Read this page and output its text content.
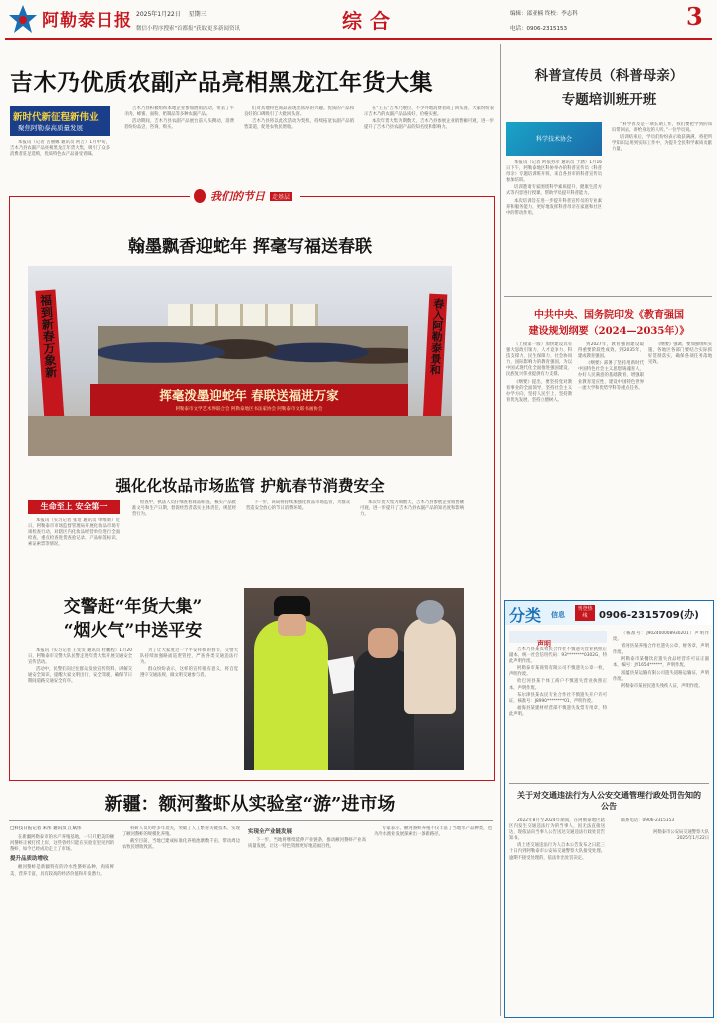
阿勒泰日报 2025年1月22日 星期三
微信小程序搜索"首都报"获取更多新闻资讯	综合	编辑：邵亚楠 终校：李志科
电话：0906-2315153	3
吉木乃优质农副产品亮相黑龙江年货大集
新时代新征程新伟业
聚焦阿勒泰高质量发展

本报讯（记者 古丽娜 通讯员 阿吉）1月中旬，吉木乃县农副产品亮相黑龙江年货大集，吸引了众多消费者驻足选购，优质特色农产品备受青睐。

吉木乃县积极组织本地企业参加展销活动，带去了牛羊肉、蜂蜜、面粉、奶制品等多种农副产品。

活动期间，吉木乃县农副产品展台前人头攒动，消费者纷纷品尝、咨询、购买。

们对具地特色商品表现出浓厚的兴趣。优质的产品和良好的口碑吸引了大批回头客。

吉木乃县将以此次活动为契机，持续拓宽农副产品销售渠道，促进农牧民增收。

在“王五”吉木乃展位，不少外地消费者成了回头客，大家纷纷表示吉木乃的农副产品品质好、价格实惠。

本次年货大集为期数天，吉木乃县参展企业销售额可观，进一步提升了吉木乃县农副产品的知名度和影响力。

我们的节日	走基层
翰墨飘香迎蛇年 挥毫写福送春联
福到新春万象新	春入阿勒泰景和
挥毫泼墨迎蛇年 春联送福进万家
阿勒泰市文学艺术界联合会 阿勒泰地区书法家协会 阿勒泰市文联书画协会
强化化妆品市场监管 护航春节消费安全
生命至上 安全第一

本报讯（实习记者 张语 通讯员 单维新）近日，阿勒泰市市场监督管理局开展化妆品市场专项检查行动，对辖区内化妆品经营单位进行全面检查，重点检查进货查验记录、产品标签标识、索证索票等情况。

检查中，执法人员仔细查看商品标签，核实产品批准文号和生产日期，督促经营者落实主体责任，规范经营行为。

下一步，该局将持续加强化妆品市场监管，为群众营造安全放心的节日消费环境。

本次年货大集为期数天，吉木乃县参展企业销售额可观，进一步提升了吉木乃县农副产品的知名度和影响力。

交警赶“年货大集”
“烟火气”中送平安

本报讯（实习记者 王雯雯 通讯员 杜鹏程）1月20日，阿勒泰市交警大队民警走进年货大集开展交通安全宣传活动。

活动中，民警们向过往群众发放宣传资料，讲解交通安全知识，提醒大家文明出行、安全驾驶，确保节日期间道路交通安全有序。

为了让大家度过一个平安祥和的春节，交警大队持续加强路面巡逻管控，严查各类交通违法行为。

群众纷纷表示，这样的宣传很有意义，将自觉遵守交通法规，做文明交通参与者。

新疆：额河螯虾从实验室“游”进市场
□科技日报记者 朱彤 通讯员 江斌伟

在新疆阿勒泰市的水产养殖基地，一只只肥美的额河螯虾正被打捞上岸，这些曾经只能在实验室里见到的螯虾，如今已经成功走上了市场。

提升品质助增收

额河螯虾是新疆特有的冷水性螯虾品种，肉质鲜美、营养丰富，具有较高的经济价值和开发潜力。

科研人员历经多年攻关，突破了人工繁育关键技术，实现了额河螯虾的规模化养殖。

截至目前，当地已建成标准化养殖池塘数千亩，带动周边农牧民增收致富。

实现全产业链发展

下一步，当地将继续延伸产业链条，推动额河螯虾产业高质量发展，让这一特色资源更好地造福百姓。

专家表示，额河螯虾养殖不仅丰富了当地水产品种类，也为冷水渔业发展探索出一条新路径。

科普宣传员（科普母亲）
专题培训班开班
科学技术协会

本报讯（记者 阿依努尔 通讯员 于涵）1月16日下午，阿勒泰地区科协举办的科普宣传员（科普母亲）专题培训班开班，来自各县市的科普宣传员参加培训。

培训邀请专家围绕科学素质提升、健康生活方式等内容进行授课，帮助学员提升科普能力。

本次培训旨在进一步提升科普宣传员的专业素养和服务能力，更好地发挥科普母亲在家庭和社区中的带动作用。

“科学普及是一项长期工作，我们要把学到的知识带回去，讲给身边的人听。”一位学员说。

培训结束后，学员们纷纷表示收获满满，将把所学知识运用到实际工作中，为提升全民科学素质贡献力量。

中共中央、国务院印发《教育强国
建设规划纲要（2024—2035年）》

（上接第一版）加快建设具有强大思政引领力、人才竞争力、科技支撑力、民生保障力、社会协同力、国际影响力的教育强国，为以中国式现代化全面推进强国建设、民族复兴伟业提供有力支撑。

《纲要》提出，要坚持党对教育事业的全面领导，坚持社会主义办学方向，坚持人民至上，坚持教育优先发展，坚持立德树人。

到2027年，教育强国建设取得重要阶段性成效。到2035年，建成教育强国。

《纲要》部署了坚持用新时代中国特色社会主义思想铸魂育人、办好人民满意的基础教育、增强职业教育适应性、建设中国特色世界一流大学和优势学科等重点任务。

《纲要》强调，要加强组织实施，各地区各部门要结合实际抓好贯彻落实，确保各项任务落地见效。

分类 信息
刊登热线	0906-2315709(办)
声明

吉木乃县某农牧民合作社不慎遗失营业执照正副本，统一社会信用代码：93********0302G，特此声明作废。

阿勒泰市某商贸有限公司不慎遗失公章一枚，声明作废。

哈巴河县某个体工商户不慎遗失营业执照正本，声明作废。

布尔津县某农民专业合作社不慎遗失开户许可证，核准号：J8990********01，声明作废。

福海县某建材经营部不慎遗失发票专用章，特此声明。

（核准号：J902400008930201）声明作废。

青河县某养殖合作社遗失公章、财务章，声明作废。

阿勒泰市某餐饮店遗失食品经营许可证正副本，编号：JY1654******，声明作废。

富蕴县某运输有限公司遗失道路运输证，声明作废。

阿勒泰市某居民遗失残疾人证，声明作废。

关于对交通违法行为人公安交通管理行政处罚告知的公告

2022年8月至2024年期间，在阿勒泰地区辖区内发生交通违法行为的当事人，因无法直接送达，现依法向当事人公告送达交通违法行政处罚告知书。

请上述交通违法行为人自本公告发布之日起三十日内到阿勒泰市公安局交通警察大队接受处理。逾期不接受处理的，依法作出处罚决定。

联系电话：0906-2315153

阿勒泰市公安局交通警察大队
2025年1月22日
